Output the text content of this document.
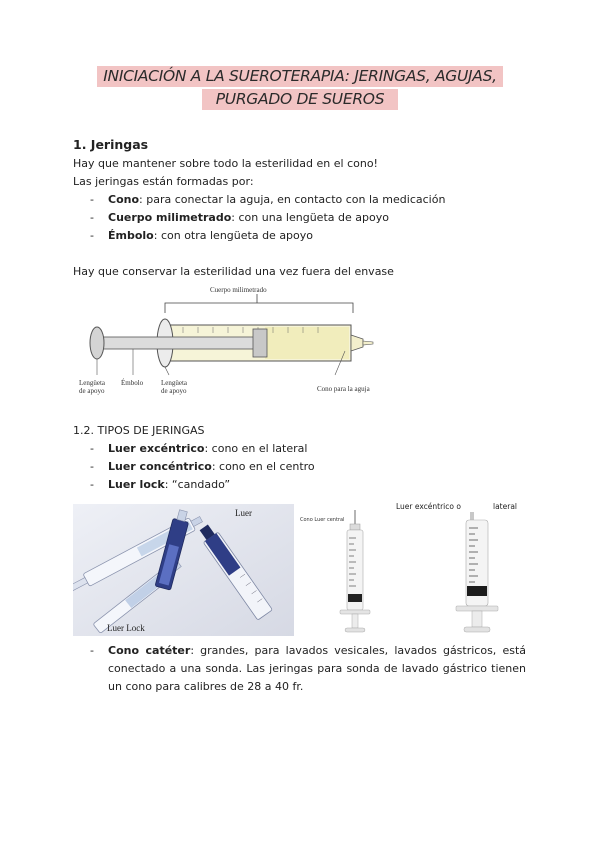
INICIACIÓN A LA SUEROTERAPIA: JERINGAS, AGUJAS,
PURGADO DE SUEROS
1. Jeringas
Hay que mantener sobre todo la esterilidad en el cono!
Las jeringas están formadas por:
- Cono: para conectar la aguja, en contacto con la medicación
- Cuerpo milimetrado: con una lengüeta de apoyo
- Émbolo: con otra lengüeta de apoyo
Hay que conservar la esterilidad una vez fuera del envase
Cuerpo milimetrado
Lengüeta
de apoyo
Émbolo	Lengüeta
de apoyo	Cono para la aguja
1.2. TIPOS DE JERINGAS
- Luer excéntrico: cono en el lateral
- Luer concéntrico: cono en el centro
- Luer lock: “candado”
Luer
Luer Lock
Cono Luer central
Luer excéntrico o	lateral
- Cono catéter: grandes, para lavados vesicales, lavados gástricos, está conectado a una sonda. Las jeringas para sonda de lavado gástrico tienen un cono para calibres de 28 a 40 fr.
